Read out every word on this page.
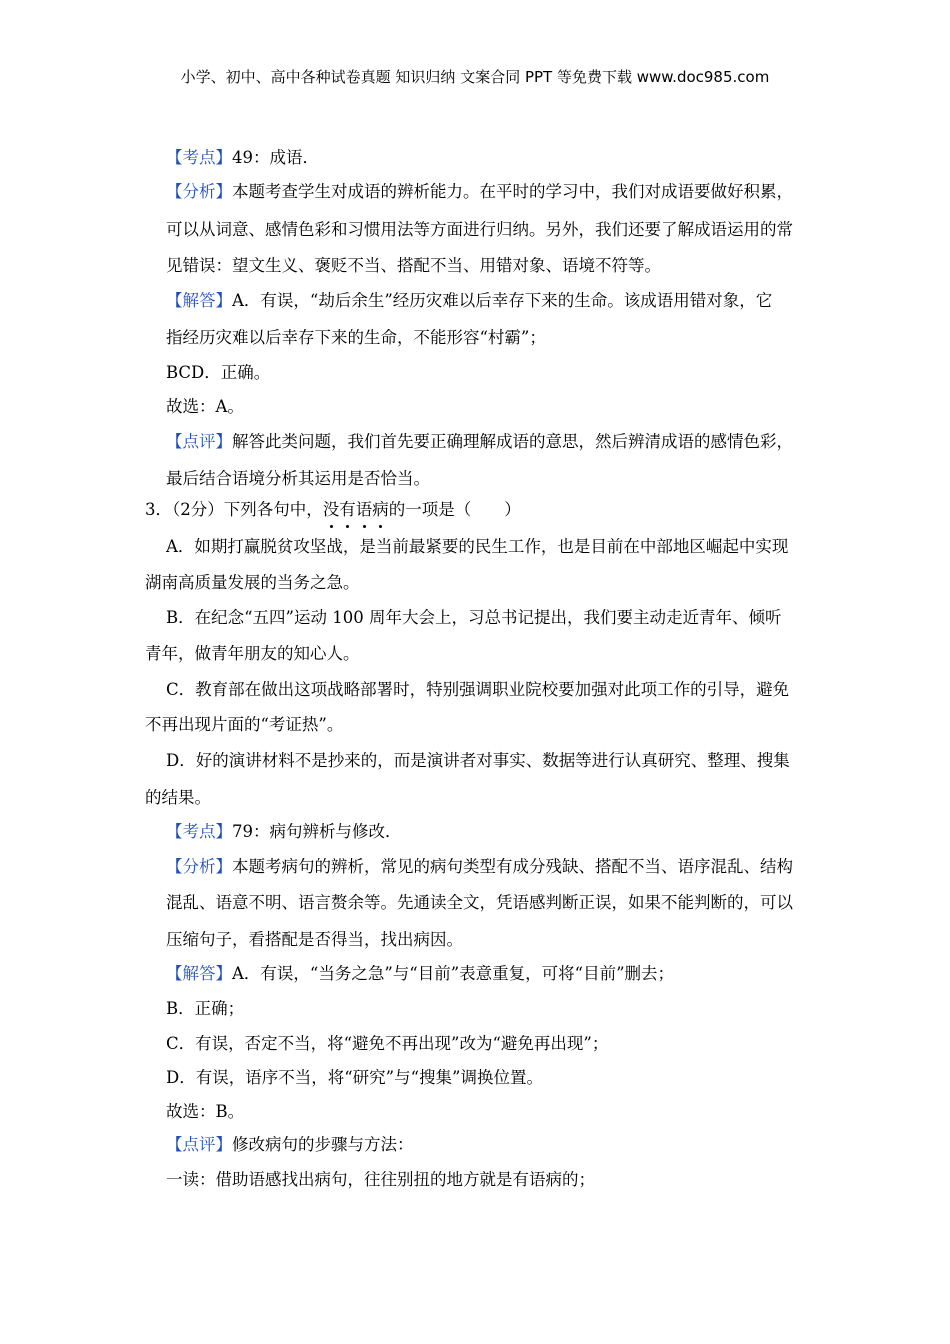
小学、初中、高中各种试卷真题 知识归纳 文案合同 PPT 等免费下载 www.doc985.com
【考点】49：成语．
【分析】本题考查学生对成语的辨析能力。在平时的学习中，我们对成语要做好积累，
可以从词意、感情色彩和习惯用法等方面进行归纳。另外，我们还要了解成语运用的常
见错误：望文生义、褒贬不当、搭配不当、用错对象、语境不符等。
【解答】A．有误，“劫后余生”经历灾难以后幸存下来的生命。该成语用错对象，它
指经历灾难以后幸存下来的生命，不能形容“村霸”；
BCD．正确。
故选：A。
【点评】解答此类问题，我们首先要正确理解成语的意思，然后辨清成语的感情色彩，
最后结合语境分析其运用是否恰当。
3．（2分）下列各句中，没有语病的一项是（　　）
A．如期打赢脱贫攻坚战，是当前最紧要的民生工作，也是目前在中部地区崛起中实现
湖南高质量发展的当务之急。
B．在纪念“五四”运动 100 周年大会上，习总书记提出，我们要主动走近青年、倾听
青年，做青年朋友的知心人。
C．教育部在做出这项战略部署时，特别强调职业院校要加强对此项工作的引导，避免
不再出现片面的“考证热”。
D．好的演讲材料不是抄来的，而是演讲者对事实、数据等进行认真研究、整理、搜集
的结果。
【考点】79：病句辨析与修改．
【分析】本题考病句的辨析，常见的病句类型有成分残缺、搭配不当、语序混乱、结构
混乱、语意不明、语言赘余等。先通读全文，凭语感判断正误，如果不能判断的，可以
压缩句子，看搭配是否得当，找出病因。
【解答】A．有误，“当务之急”与“目前”表意重复，可将“目前”删去；
B．正确；
C．有误，否定不当，将“避免不再出现”改为“避免再出现”；
D．有误，语序不当，将“研究”与“搜集”调换位置。
故选：B。
【点评】修改病句的步骤与方法：
一读：借助语感找出病句，往往别扭的地方就是有语病的；
